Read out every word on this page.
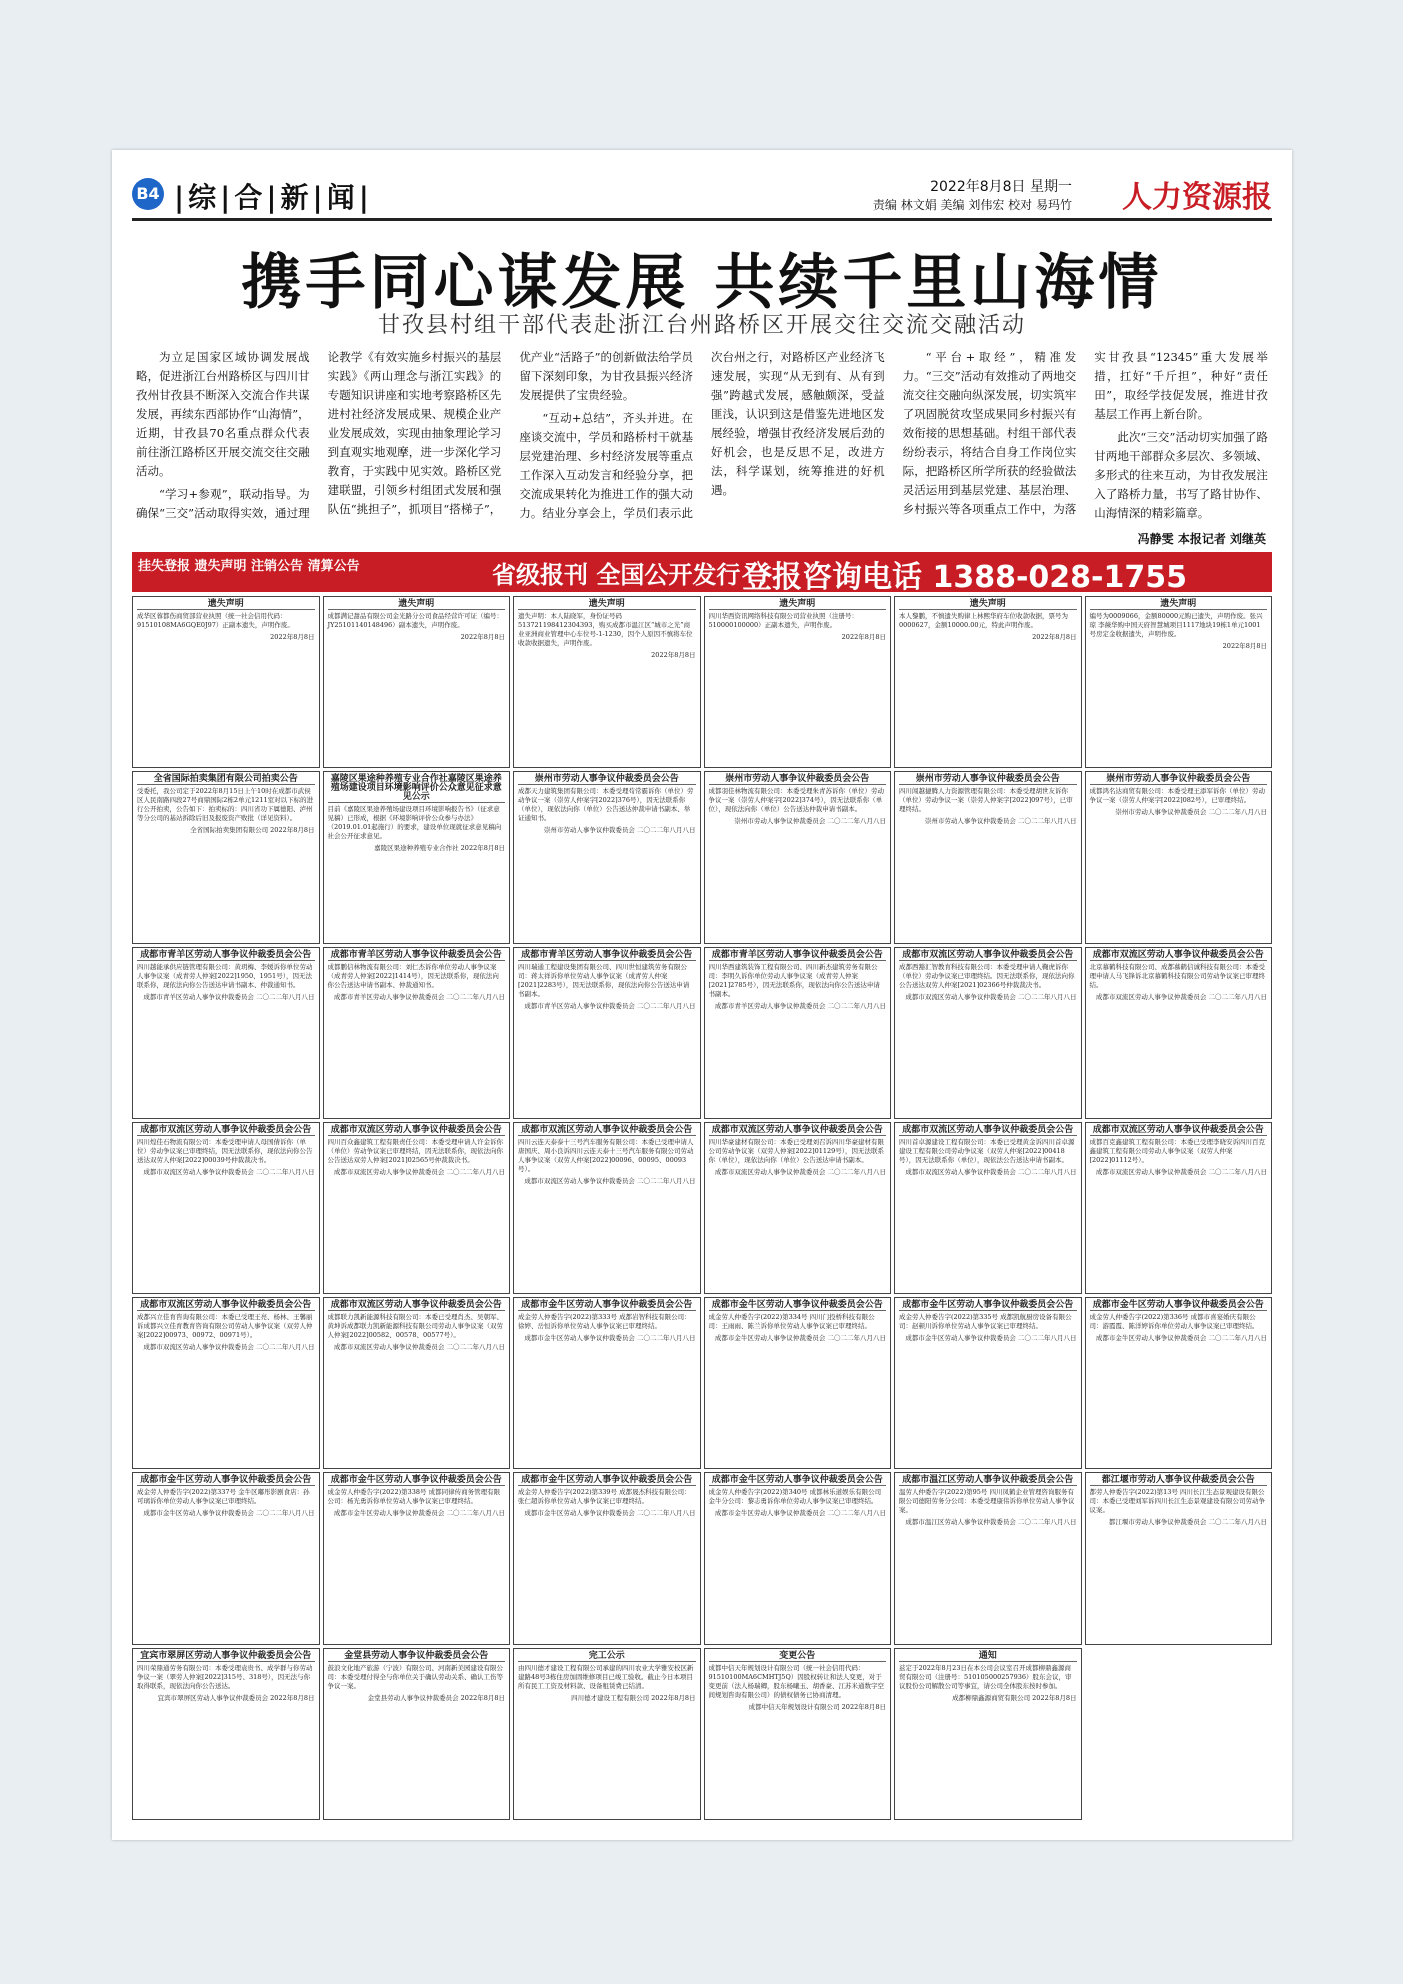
B4 |综|合|新|闻|	2022年8月8日 星期一
责编 林文娟 美编 刘伟宏 校对 易玛竹 人力资源报
携手同心谋发展 共续千里山海情
甘孜县村组干部代表赴浙江台州路桥区开展交往交流交融活动

为立足国家区域协调发展战略，促进浙江台州路桥区与四川甘孜州甘孜县不断深入交流合作共谋发展，再续东西部协作“山海情”，近期，甘孜县70名重点群众代表前往浙江路桥区开展交流交往交融活动。

“学习+参观”，联动指导。为确保“三交”活动取得实效，通过理论教学《有效实施乡村振兴的基层实践》《两山理念与浙江实践》的专题知识讲座和实地考察路桥区先进村社经济发展成果、规模企业产业发展成效，实现由抽象理论学习到直观实地观摩，进一步深化学习教育，于实践中见实效。路桥区党建联盟，引领乡村组团式发展和强队伍“挑担子”，抓项目“搭梯子”，优产业“活路子”的创新做法给学员留下深刻印象，为甘孜县振兴经济发展提供了宝贵经验。

“互动+总结”，齐头并进。在座谈交流中，学员和路桥村干就基层党建治理、乡村经济发展等重点工作深入互动发言和经验分享，把交流成果转化为推进工作的强大动力。结业分享会上，学员们表示此次台州之行，对路桥区产业经济飞速发展，实现“从无到有、从有到强”跨越式发展，感触颇深，受益匪浅，认识到这是借鉴先进地区发展经验，增强甘孜经济发展后劲的好机会，也是反思不足，改进方法，科学谋划，统筹推进的好机遇。

“平台+取经”，精准发力。“三交”活动有效推动了两地交流交往交融向纵深发展，切实筑牢了巩固脱贫攻坚成果同乡村振兴有效衔接的思想基础。村组干部代表纷纷表示，将结合自身工作岗位实际，把路桥区所学所获的经验做法灵活运用到基层党建、基层治理、乡村振兴等各项重点工作中，为落实甘孜县“12345”重大发展举措，扛好“千斤担”，种好“责任田”，取经学技促发展，推进甘孜基层工作再上新台阶。

此次“三交”活动切实加强了路甘两地干部群众多层次、多领域、多形式的往来互动，为甘孜发展注入了路桥力量，书写了路甘协作、山海情深的精彩篇章。

冯静雯 本报记者 刘继英
挂失登报 遗失声明 注销公告 清算公告	省级报刊 全国公开发行 登报咨询电话 1388-028-1755
遗失声明
成华区蓉都伤商贸部营业执照（统一社会信用代码：91510108MA6GQE0J97）正副本遗失，声明作废。
2022年8月8日
遗失声明
成都满记甜品有限公司金光路分公司食品经营许可证（编号：JY25101140148496）副本遗失，声明作废。
2022年8月8日
遗失声明
遗失声明：本人陆晓军，身份证号码513721198412304393，购买成都市温江区“城市之光”商业亚洲商业管理中心车位号-1-1230，因个人原因不慎将车位收款收据遗失，声明作废。
2022年8月8日
遗失声明
四川华西资讯网络科技有限公司营业执照（注册号：510000100000）正副本遗失，声明作废。
2022年8月8日
遗失声明
本人黎鹏，不慎遗失购律上林熙华府车位收款收据，票号为0000627，金额10000.00元，特此声明作废。
2022年8月8日
遗失声明
编号为0009066，金额80000元购已遗失，声明作废。张兴琼 李薇华购中国天府智慧城项目1117地块19栋1单元1001号房定金收据遗失，声明作废。
2022年8月8日
全省国际拍卖集团有限公司拍卖公告
受委托，我公司定于2022年8月15日上午10时在成都市武侯区人民南路四段27号商鼎国际2栋2单元1211室对以下标的进行公开拍卖，公告如下：拍卖标的：四川省功下属德阳、泸州等分公司的基站拆除后旧及报废资产败批（详见资料）。
全省国际拍卖集团有限公司 2022年8月8日
嘉陵区果途种养殖专业合作社嘉陵区果途养殖场建设项目环境影响评价公众意见征求意见公示
目前《嘉陵区果途养殖场建设项目环境影响报告书》（征求意见稿）已形成，根据《环境影响评价公众参与办法》（2019.01.01起施行）的要求，建设单位现就征求意见稿向社会公开征求意见。
嘉陵区果途种养殖专业合作社 2022年8月8日
崇州市劳动人事争议仲裁委员会公告
成都天力建筑集团有限公司：本委受理苟常霸诉你（单位）劳动争议一案（崇劳人仲案字[2022]376号），因无法联系你（单位），现依法向你（单位）公告送达仲裁申请书副本、举证通知书。
崇州市劳动人事争议仲裁委员会 二〇二二年八月八日
崇州市劳动人事争议仲裁委员会公告
成都羽佳林物流有限公司：本委受理朱青苏诉你（单位）劳动争议一案（崇劳人仲案字[2022]374号），因无法联系你（单位），现依法向你（单位）公告送达仲裁申请书副本。
崇州市劳动人事争议仲裁委员会 二〇二二年八月八日
崇州市劳动人事争议仲裁委员会公告
四川闯越捷腾人力资源管理有限公司：本委受理胡世友诉你（单位）劳动争议一案（崇劳人仲案字[2022]097号），已审理终结。
崇州市劳动人事争议仲裁委员会 二〇二二年八月八日
崇州市劳动人事争议仲裁委员会公告
成都鸿名达商贸有限公司：本委受理王添军诉你（单位）劳动争议一案（崇劳人仲案字[2022]082号），已审理终结。
崇州市劳动人事争议仲裁委员会 二〇二二年八月八日
成都市青羊区劳动人事争议仲裁委员会公告
四川越能承供应链管理有限公司：黄玥梅、李媛诉你单位劳动人事争议案（成青劳人仲案[2022]1950、1951号），因无法联系你，现依法向你公告送达申请书副本、仲裁通知书。
成都市青羊区劳动人事争议仲裁委员会 二〇二二年八月八日
成都市青羊区劳动人事争议仲裁委员会公告
成都鹏信林物流有限公司：刘仁杰诉你单位劳动人事争议案（成青劳人仲案[2022]1414号），因无法联系你，现依法向你公告送达申请书副本、仲裁通知书。
成都市青羊区劳动人事争议仲裁委员会 二〇二二年八月八日
成都市青羊区劳动人事争议仲裁委员会公告
四川瑞通工程建设集团有限公司、四川世恒建筑劳务有限公司：蒋太祥诉你单位劳动人事争议案（成青劳人仲案[2021]2283号），因无法联系你，现依法向你公告送达申请书副本。
成都市青羊区劳动人事争议仲裁委员会 二〇二二年八月八日
成都市青羊区劳动人事争议仲裁委员会公告
四川华西建筑装饰工程有限公司、四川新杰建筑劳务有限公司：李明久诉你单位劳动人事争议案（成青劳人仲案[2021]2785号），因无法联系你，现依法向你公告送达申请书副本。
成都市青羊区劳动人事争议仲裁委员会 二〇二二年八月八日
成都市双流区劳动人事争议仲裁委员会公告
成都西豁汇智教育科技有限公司：本委受理申请人鞠虎诉你（单位）劳动争议案已审理终结。因无法联系你，现依法向你公告送达双劳人仲案[2021]02366号仲裁裁决书。
成都市双流区劳动人事争议仲裁委员会 二〇二二年八月八日
成都市双流区劳动人事争议仲裁委员会公告
北京慕鹤科技有限公司、成都慕鹤信诚科技有限公司：本委受理申请人马飞锋诉北京慕鹤科技有限公司劳动争议案已审理终结。
成都市双流区劳动人事争议仲裁委员会 二〇二二年八月八日
成都市双流区劳动人事争议仲裁委员会公告
四川煌佳石物流有限公司：本委受理申请人母国倩诉你（单位）劳动争议案已审理终结，因无法联系你，现依法向你公告送达双劳人仲案[2022]00039号仲裁裁决书。
成都市双流区劳动人事争议仲裁委员会 二〇二二年八月八日
成都市双流区劳动人事争议仲裁委员会公告
四川百众鑫建筑工程有限责任公司：本委受理申请人许金诉你（单位）劳动争议案已审理终结，因无法联系你，现依法向你公告送达双劳人仲案[2021]02565号仲裁裁决书。
成都市双流区劳动人事争议仲裁委员会 二〇二二年八月八日
成都市双流区劳动人事争议仲裁委员会公告
四川云连天泰泰十三号汽车服务有限公司：本委已受理申请人唐国庆、周小良诉四川云连天泰十三号汽车服务有限公司劳动人事争议案（双劳人仲案[2022]00096、00095、00093号）。
成都市双流区劳动人事争议仲裁委员会 二〇二二年八月八日
成都市双流区劳动人事争议仲裁委员会公告
四川华豪建材有限公司：本委已受理刘召诉四川华豪建材有限公司劳动争议案（双劳人仲案[2022]01129号），因无法联系你（单位），现依法向你（单位）公告送达申请书副本。
成都市双流区劳动人事争议仲裁委员会 二〇二二年八月八日
成都市双流区劳动人事争议仲裁委员会公告
四川首卓源建设工程有限公司：本委已受理黄金诉四川首卓源建设工程有限公司劳动争议案（双劳人仲案[2022]00418号），因无法联系你（单位），现依法公告送达申请书副本。
成都市双流区劳动人事争议仲裁委员会 二〇二二年八月八日
成都市双流区劳动人事争议仲裁委员会公告
成都百克鑫建筑工程有限公司：本委已受理李晓安诉四川百克鑫建筑工程有限公司劳动人事争议案（双劳人仲案[2022]01112号）。
成都市双流区劳动人事争议仲裁委员会 二〇二二年八月八日
成都市双流区劳动人事争议仲裁委员会公告
成都兴立佳育咨询有限公司：本委已受理王亮、杨林、王馨丽诉成都兴立佳育教育咨询有限公司劳动人事争议案（双劳人仲案[2022]00973、00972、00971号）。
成都市双流区劳动人事争议仲裁委员会 二〇二二年八月八日
成都市双流区劳动人事争议仲裁委员会公告
成都联力凯新能源科技有限公司：本委已受理肖杰、吴朝军、黄坤诉成都联力凯新能源科技有限公司劳动人事争议案（双劳人仲案[2022]00582、00578、00577号）。
成都市双流区劳动人事争议仲裁委员会 二〇二二年八月八日
成都市金牛区劳动人事争议仲裁委员会公告
成金劳人仲委告字(2022)第333号 成都岩智科技有限公司：徐婷、岳恒诉你单位劳动人事争议案已审理终结。
成都市金牛区劳动人事争议仲裁委员会 二〇二二年八月八日
成都市金牛区劳动人事争议仲裁委员会公告
成金劳人仲委告字(2022)第334号 四川门投桥科技有限公司：王雨雨、陈兰诉你单位劳动人事争议案已审理终结。
成都市金牛区劳动人事争议仲裁委员会 二〇二二年八月八日
成都市金牛区劳动人事争议仲裁委员会公告
成金劳人仲委告字(2022)第335号 成都凯航厨房设备有限公司：赵顿川诉你单位劳动人事争议案已审理终结。
成都市金牛区劳动人事争议仲裁委员会 二〇二二年八月八日
成都市金牛区劳动人事争议仲裁委员会公告
成金劳人仲委告字(2022)第336号 成都市喜宴婚庆有限公司：游霞霞、陈洋婷诉你单位劳动人事争议案已审理终结。
成都市金牛区劳动人事争议仲裁委员会 二〇二二年八月八日
成都市金牛区劳动人事争议仲裁委员会公告
成金劳人仲委告字(2022)第337号 金牛区嘟彤影剧食店：孙可璃诉你单位劳动人事争议案已审理终结。
成都市金牛区劳动人事争议仲裁委员会 二〇二二年八月八日
成都市金牛区劳动人事争议仲裁委员会公告
成金劳人仲委告字(2022)第338号 成都同律传商务管理有限公司：杨光勇诉你单位劳动人事争议案已审理终结。
成都市金牛区劳动人事争议仲裁委员会 二〇二二年八月八日
成都市金牛区劳动人事争议仲裁委员会公告
成金劳人仲委告字(2022)第339号 成都晟杰科技有限公司：张仁超诉你单位劳动人事争议案已审理终结。
成都市金牛区劳动人事争议仲裁委员会 二〇二二年八月八日
成都市金牛区劳动人事争议仲裁委员会公告
成金劳人仲委告字(2022)第340号 成都林乐道娱乐有限公司金牛分公司：黎志勇诉你单位劳动人事争议案已审理终结。
成都市金牛区劳动人事争议仲裁委员会 二〇二二年八月八日
成都市温江区劳动人事争议仲裁委员会公告
温劳人仲委告字(2022)第95号 四川凤鹤企业管理咨询服务有限公司德阳劳务分公司：本委受理康伟诉你单位劳动人事争议案。
成都市温江区劳动人事争议仲裁委员会 二〇二二年八月八日
都江堰市劳动人事争议仲裁委员会公告
都劳人仲委告字(2022)第13号 四川长江生态景观建设有限公司：本委已受理刘军诉四川长江生态景观建设有限公司劳动争议案。
都江堰市劳动人事争议仲裁委员会 二〇二二年八月八日
宜宾市翠屏区劳动人事争议仲裁委员会公告
四川荣鼎通劳务有限公司：本委受理袁贵书、成学群与你劳动争议一案（翠劳人仲案[2022]315号、318号），因无法与你取得联系，现依法向你公告送达。
宜宾市翠屏区劳动人事争议仲裁委员会 2022年8月8日
金堂县劳动人事争议仲裁委员会公告
鼓浪文化地产旅游（宁波）有限公司、河南新美园建设有限公司：本委受理付得全与你单位关于确认劳动关系、确认工伤等争议一案。
金堂县劳动人事争议仲裁委员会 2022年8月8日
完工公示
由四川德才建设工程有限公司承建的四川农业大学雅安校区新建路48号3栋住房加固维修项目已竣工验收。截止今日本项目所有民工工资及材料款、设备租赁费已结清。
四川德才建设工程有限公司 2022年8月8日
变更公告
成都中信天年规划设计有限公司（统一社会信用代码：91510100MA6CMHTJ5Q）因股权转让和法人变更，对于变更前（法人杨瑞卿，股东杨曦玉、胡香豪、江苏米通数字空间规划咨询有限公司）的债权债务已协商清理。
成都中信天年规划设计有限公司 2022年8月8日
通知
兹定于2022年8月23日在本公司会议室召开成都柳鼎鑫源商贸有限公司（注册号：510105000257936）股东会议，审议股份公司解散公司等事宜，请公司全体股东按时参加。
成都柳鼎鑫源商贸有限公司 2022年8月8日
